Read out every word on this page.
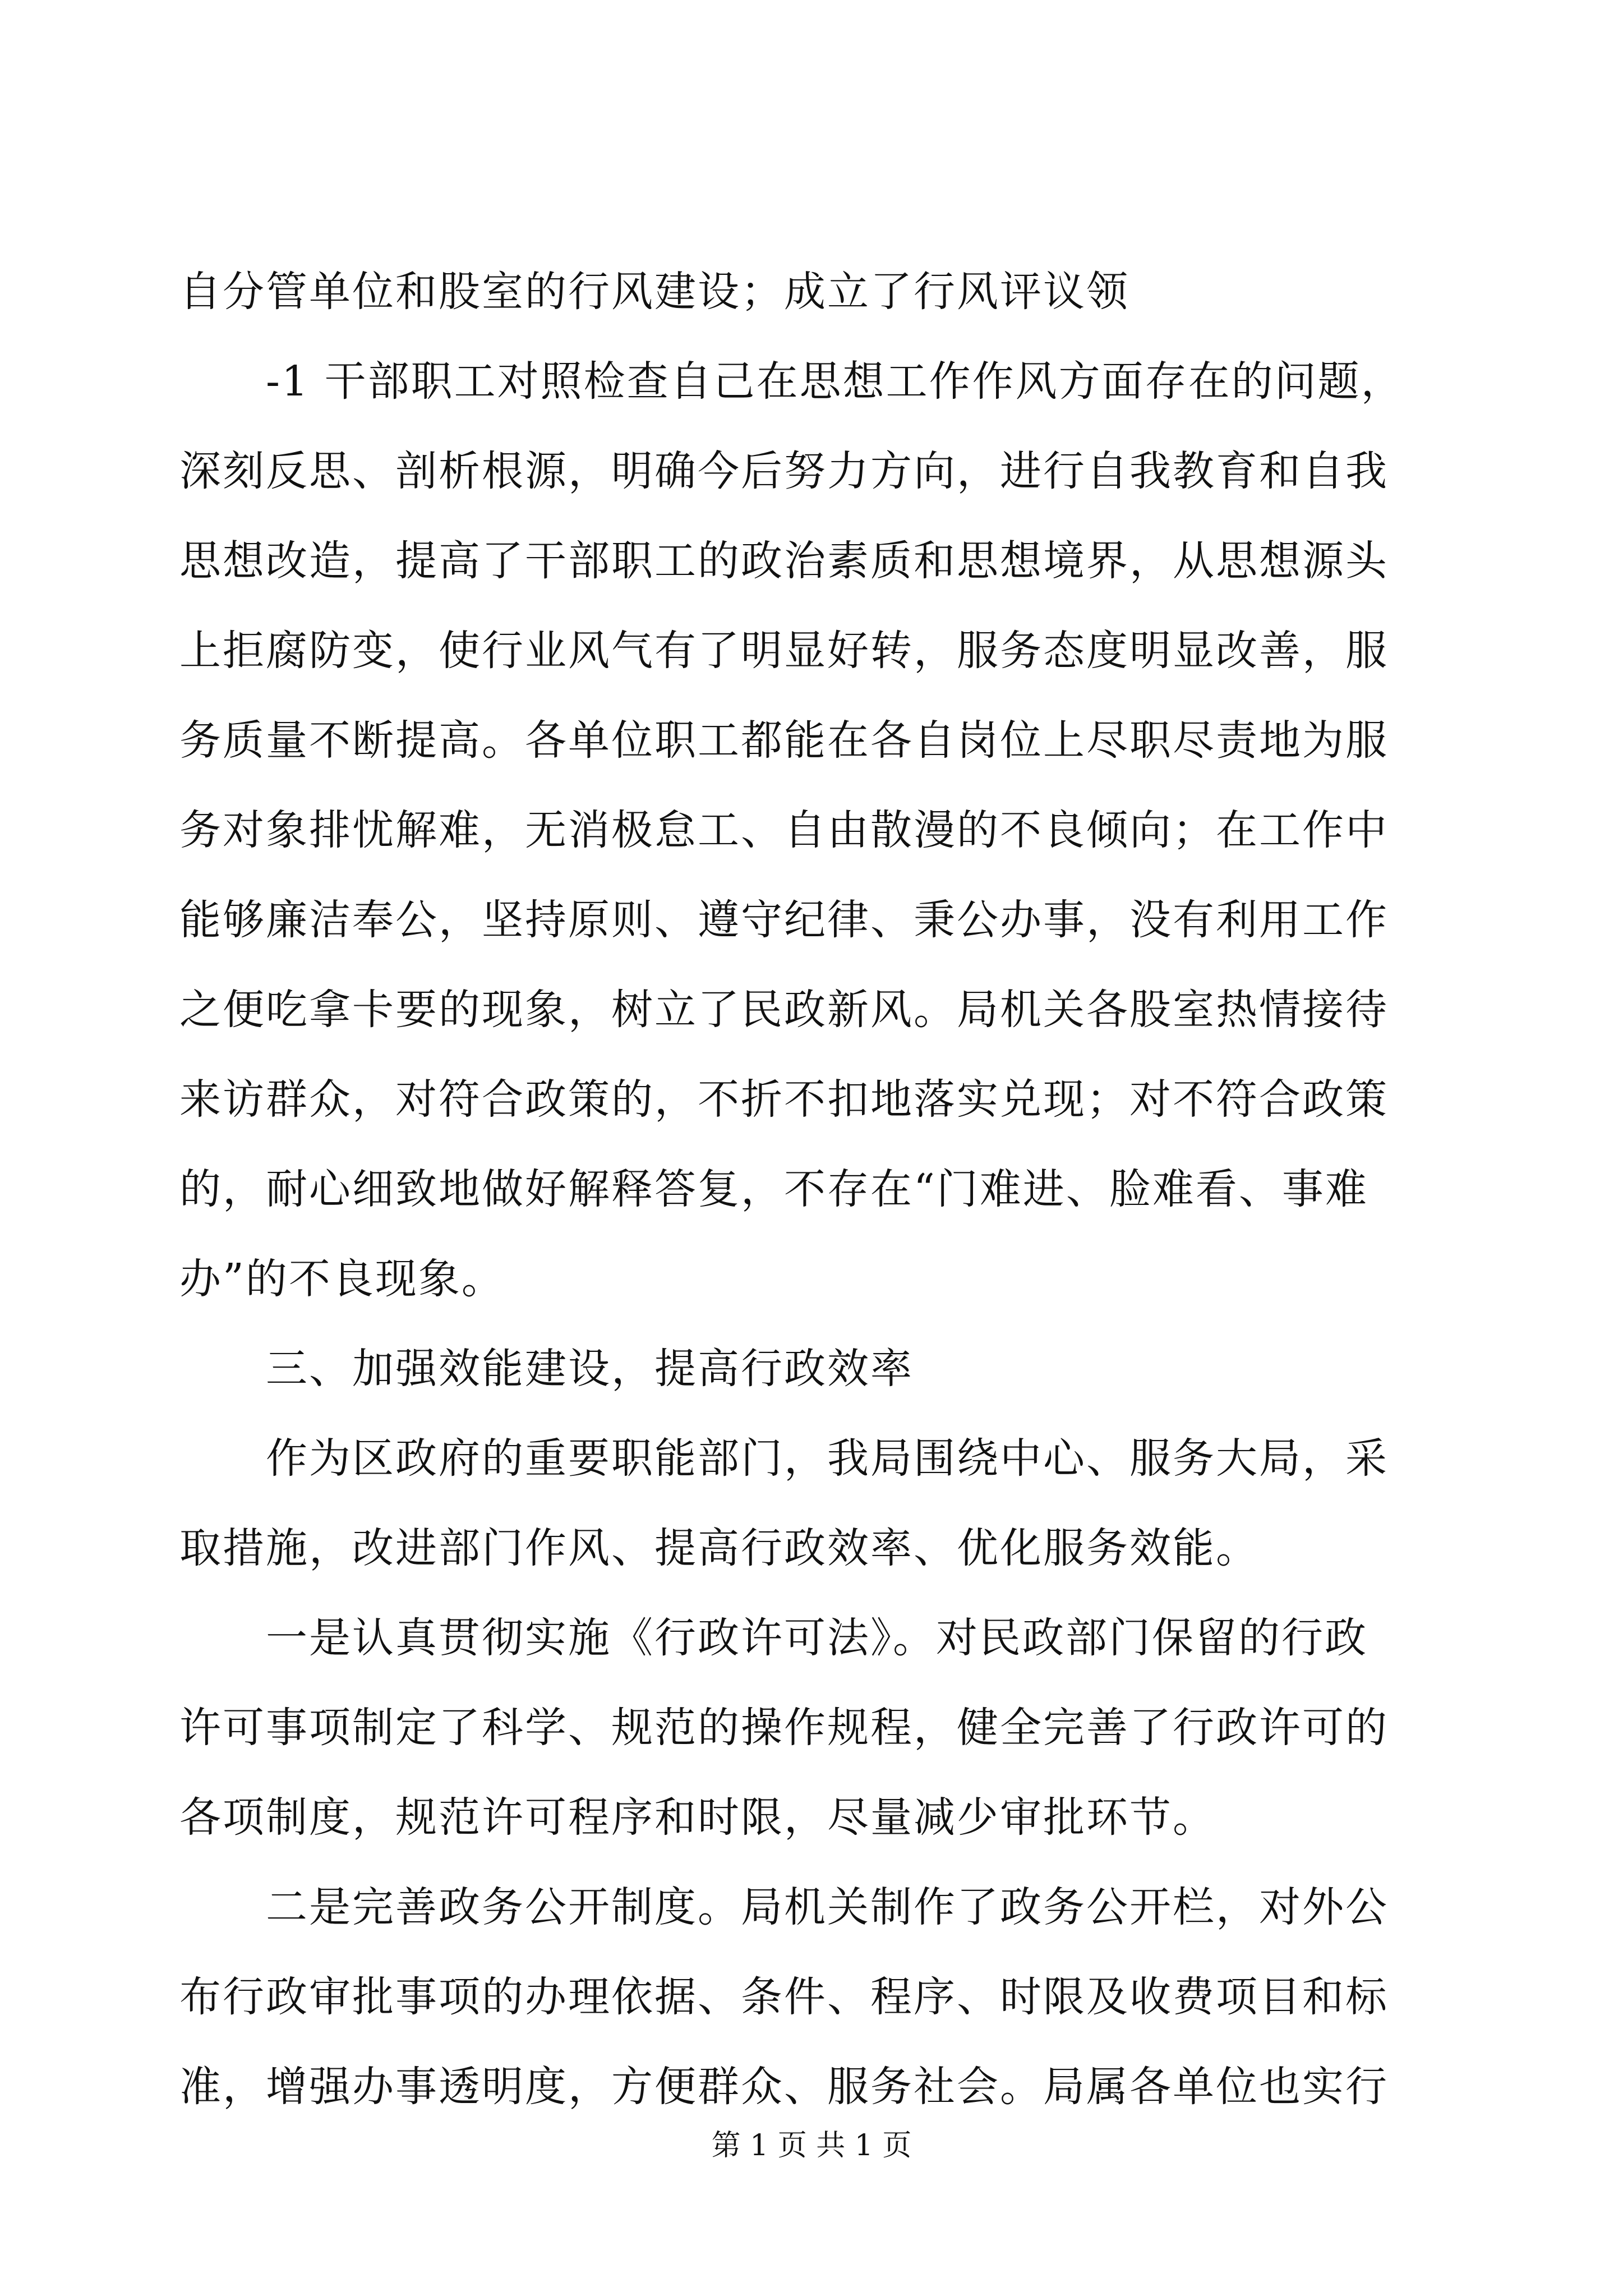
自分管单位和股室的行风建设；成立了行风评议领
　　-1 干部职工对照检查自己在思想工作作风方面存在的问题，
深刻反思、剖析根源，明确今后努力方向，进行自我教育和自我
思想改造，提高了干部职工的政治素质和思想境界，从思想源头
上拒腐防变，使行业风气有了明显好转，服务态度明显改善，服
务质量不断提高。各单位职工都能在各自岗位上尽职尽责地为服
务对象排忧解难，无消极怠工、自由散漫的不良倾向；在工作中
能够廉洁奉公，坚持原则、遵守纪律、秉公办事，没有利用工作
之便吃拿卡要的现象，树立了民政新风。局机关各股室热情接待
来访群众，对符合政策的，不折不扣地落实兑现；对不符合政策
的，耐心细致地做好解释答复，不存在“门难进、脸难看、事难
办”的不良现象。
　　三、加强效能建设，提高行政效率
　　作为区政府的重要职能部门，我局围绕中心、服务大局，采
取措施，改进部门作风、提高行政效率、优化服务效能。
　　一是认真贯彻实施《行政许可法》。对民政部门保留的行政
许可事项制定了科学、规范的操作规程，健全完善了行政许可的
各项制度，规范许可程序和时限，尽量减少审批环节。
　　二是完善政务公开制度。局机关制作了政务公开栏，对外公
布行政审批事项的办理依据、条件、程序、时限及收费项目和标
准，增强办事透明度，方便群众、服务社会。局属各单位也实行
第 1 页 共 1 页
